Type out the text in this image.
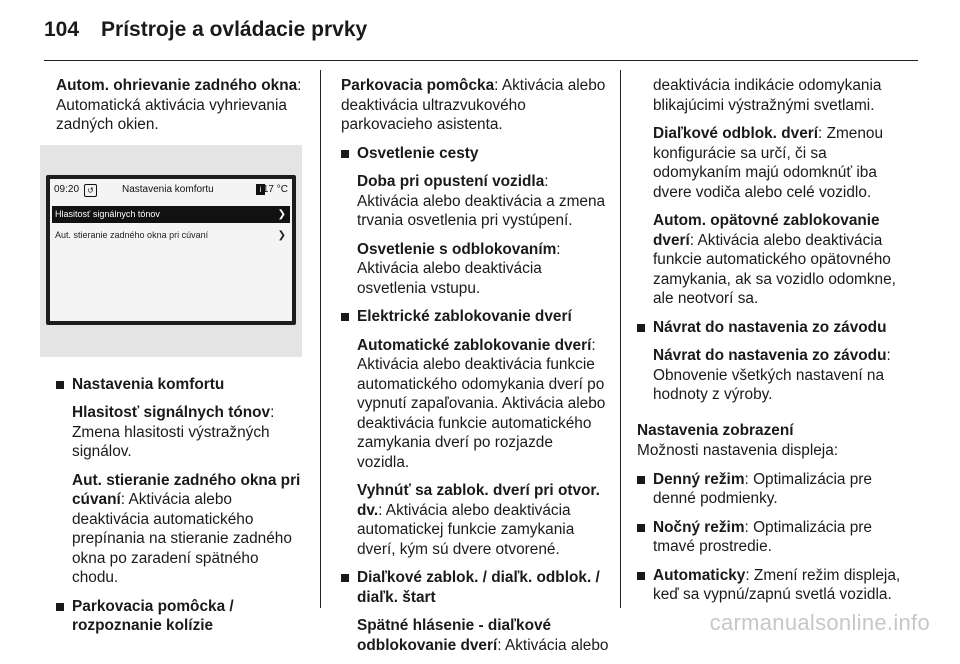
104 Prístroje a ovládacie prvky

Autom. ohrievanie zadného okna: Automatická aktivácia vyhrievania zadných okien.

09:20	↺	Nastavenia komfortu	i 17 °C
Hlasitosť signálnych tónov	❯
Aut. stieranie zadného okna pri cúvaní	❯
Nastavenia komfortu

Hlasitosť signálnych tónov: Zmena hlasitosti výstražných signálov.

Aut. stieranie zadného okna pri cúvaní: Aktivácia alebo deaktivácia automatického prepínania na stieranie zadného okna po zaradení spätného chodu.

Parkovacia pomôcka / rozpoznanie kolízie

Parkovacia pomôcka: Aktivácia alebo deaktivácia ultrazvukového parkovacieho asistenta.

Osvetlenie cesty

Doba pri opustení vozidla: Aktivácia alebo deaktivácia a zmena trvania osvetlenia pri vystúpení.

Osvetlenie s odblokovaním: Aktivácia alebo deaktivácia osvetlenia vstupu.

Elektrické zablokovanie dverí

Automatické zablokovanie dverí: Aktivácia alebo deaktivácia funkcie automatického odomykania dverí po vypnutí zapaľovania. Aktivácia alebo deaktivácia funkcie automatického zamykania dverí po rozjazde vozidla.

Vyhnúť sa zablok. dverí pri otvor. dv.: Aktivácia alebo deaktivácia automatickej funkcie zamykania dverí, kým sú dvere otvorené.

Diaľkové zablok. / diaľk. odblok. / diaľk. štart

Spätné hlásenie - diaľkové odblokovanie dverí: Aktivácia alebo

deaktivácia indikácie odomykania blikajúcimi výstražnými svetlami.

Diaľkové odblok. dverí: Zmenou konfigurácie sa určí, či sa odomykaním majú odomknúť iba dvere vodiča alebo celé vozidlo.

Autom. opätovné zablokovanie dverí: Aktivácia alebo deaktivácia funkcie automatického opätovného zamykania, ak sa vozidlo odomkne, ale neotvorí sa.

Návrat do nastavenia zo závodu

Návrat do nastavenia zo závodu: Obnovenie všetkých nastavení na hodnoty z výroby.

Nastavenia zobrazení

Možnosti nastavenia displeja:

Denný režim: Optimalizácia pre denné podmienky.
Nočný režim: Optimalizácia pre tmavé prostredie.
Automaticky: Zmení režim displeja, keď sa vypnú/zapnú svetlá vozidla.
carmanualsonline.info
